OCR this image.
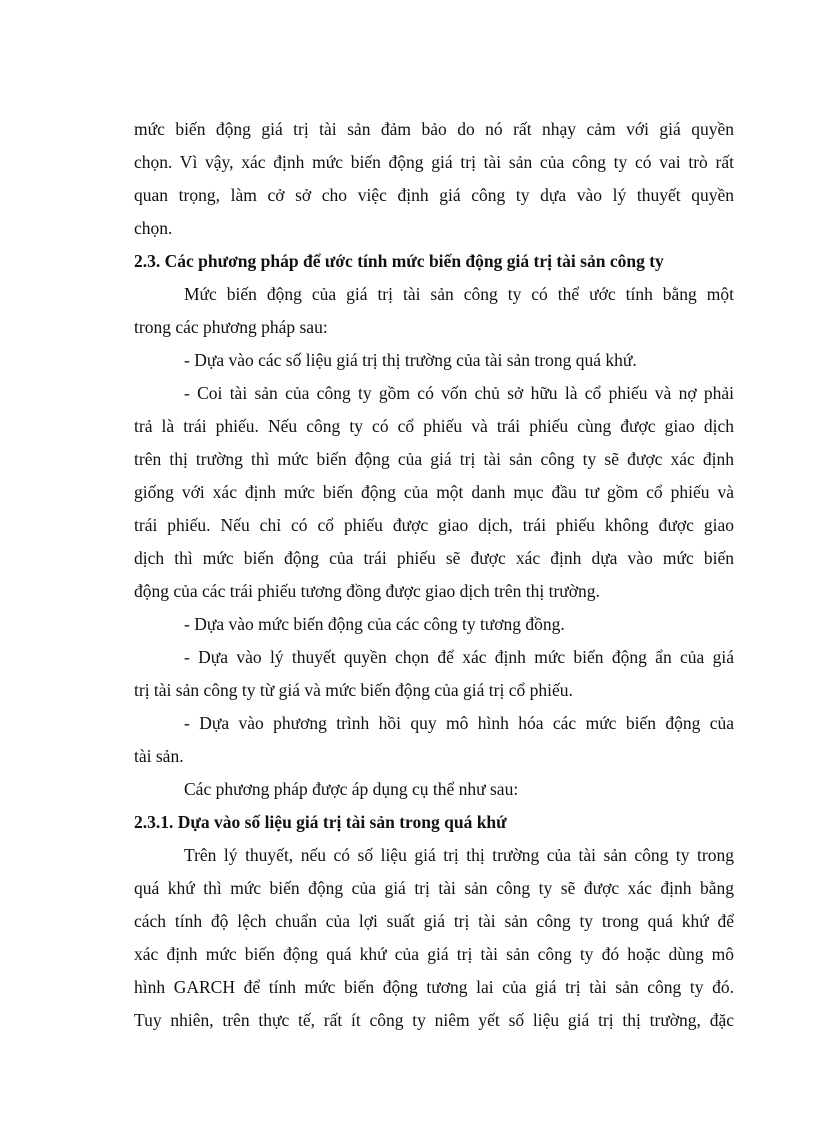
mức biến động giá trị tài sản đảm bảo do nó rất nhạy cảm với giá quyền
chọn. Vì vậy, xác định mức biến động giá trị tài sản của công ty có vai trò rất
quan trọng, làm cở sở cho việc định giá công ty dựa vào lý thuyết quyền
chọn.
2.3. Các phương pháp để ước tính mức biến động giá trị tài sản công ty
Mức biến động của giá trị tài sản công ty có thể ước tính bằng một
trong các phương pháp sau:
- Dựa vào các số liệu giá trị thị trường của tài sản trong quá khứ.
- Coi tài sản của công ty gồm có vốn chủ sở hữu là cổ phiếu và nợ phải
trả là trái phiếu. Nếu công ty có cổ phiếu và trái phiếu cùng được giao dịch
trên thị trường thì mức biến động của giá trị tài sản công ty sẽ được xác định
giống với xác định mức biến động của một danh mục đầu tư gồm cổ phiếu và
trái phiếu. Nếu chỉ có cổ phiếu được giao dịch, trái phiếu không được giao
dịch thì mức biến động của trái phiếu sẽ được xác định dựa vào mức biến
động của các trái phiếu tương đồng được giao dịch trên thị trường.
- Dựa vào mức biến động của các công ty tương đồng.
- Dựa vào lý thuyết quyền chọn để xác định mức biến động ẩn của giá
trị tài sản công ty từ giá và mức biến động của giá trị cổ phiếu.
- Dựa vào phương trình hồi quy mô hình hóa các mức biến động của
tài sản.
Các phương pháp được áp dụng cụ thể như sau:
2.3.1. Dựa vào số liệu giá trị tài sản trong quá khứ
Trên lý thuyết, nếu có số liệu giá trị thị trường của tài sản công ty trong
quá khứ thì mức biến động của giá trị tài sản công ty sẽ được xác định bằng
cách tính độ lệch chuẩn của lợi suất giá trị tài sản công ty trong quá khứ để
xác định mức biến động quá khứ của giá trị tài sản công ty đó hoặc dùng mô
hình GARCH để tính mức biến động tương lai của giá trị tài sản công ty đó.
Tuy nhiên, trên thực tế, rất ít công ty niêm yết số liệu giá trị thị trường, đặc
